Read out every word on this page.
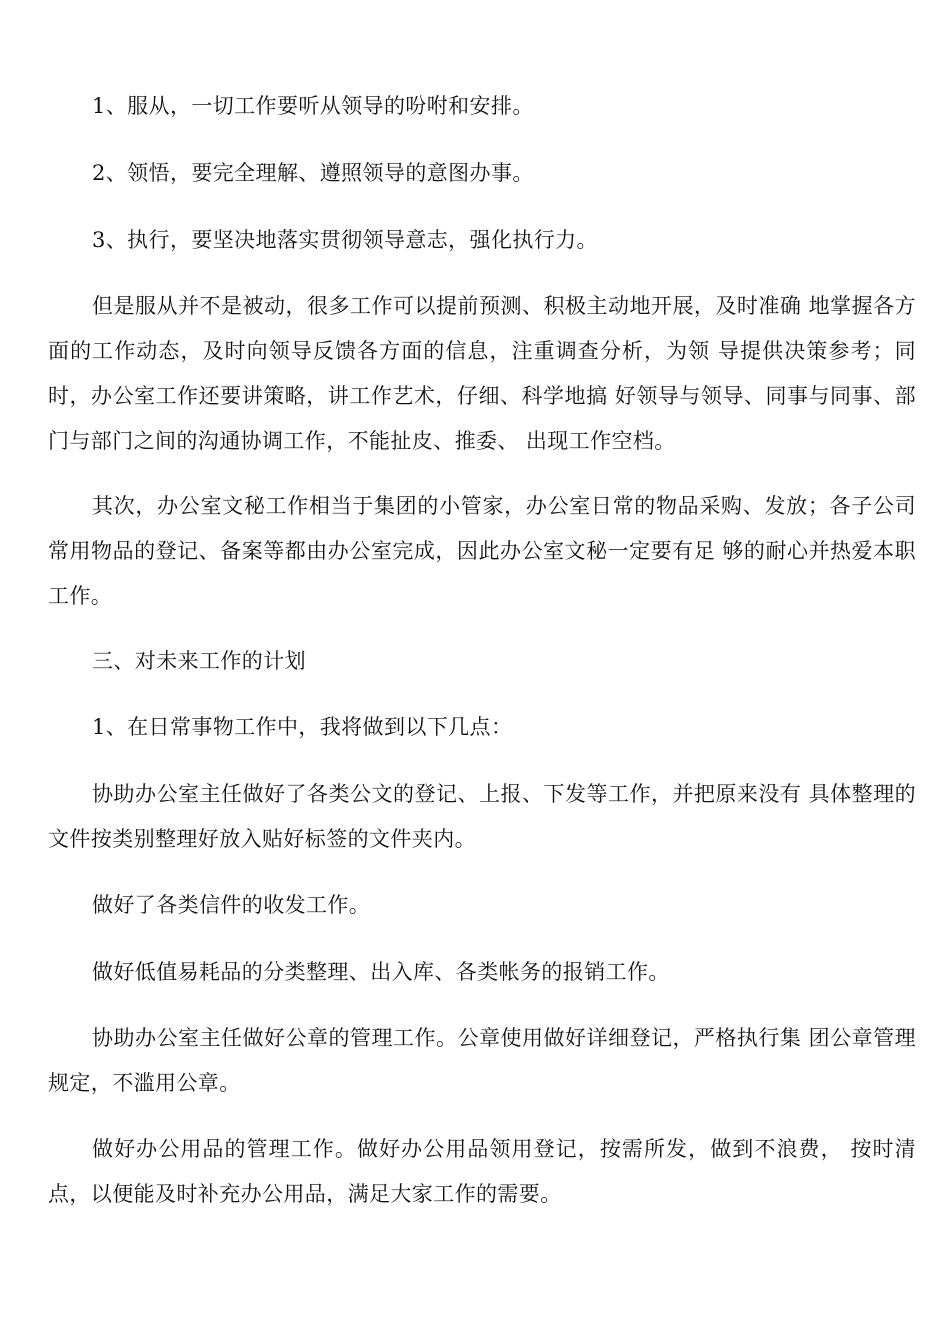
1、服从，一切工作要听从领导的吩咐和安排。

2、领悟，要完全理解、遵照领导的意图办事。

3、执行，要坚决地落实贯彻领导意志，强化执行力。

但是服从并不是被动，很多工作可以提前预测、积极主动地开展，及时准确 地掌握各方面的工作动态，及时向领导反馈各方面的信息，注重调查分析，为领 导提供决策参考；同时，办公室工作还要讲策略，讲工作艺术，仔细、科学地搞 好领导与领导、同事与同事、部门与部门之间的沟通协调工作，不能扯皮、推委、 出现工作空档。

其次，办公室文秘工作相当于集团的小管家，办公室日常的物品采购、发放；各子公司常用物品的登记、备案等都由办公室完成，因此办公室文秘一定要有足 够的耐心并热爱本职工作。

三、对未来工作的计划

1、在日常事物工作中，我将做到以下几点：

协助办公室主任做好了各类公文的登记、上报、下发等工作，并把原来没有 具体整理的文件按类别整理好放入贴好标签的文件夹内。

做好了各类信件的收发工作。

做好低值易耗品的分类整理、出入库、各类帐务的报销工作。

协助办公室主任做好公章的管理工作。公章使用做好详细登记，严格执行集 团公章管理规定，不滥用公章。

做好办公用品的管理工作。做好办公用品领用登记，按需所发，做到不浪费， 按时清点，以便能及时补充办公用品，满足大家工作的需要。
